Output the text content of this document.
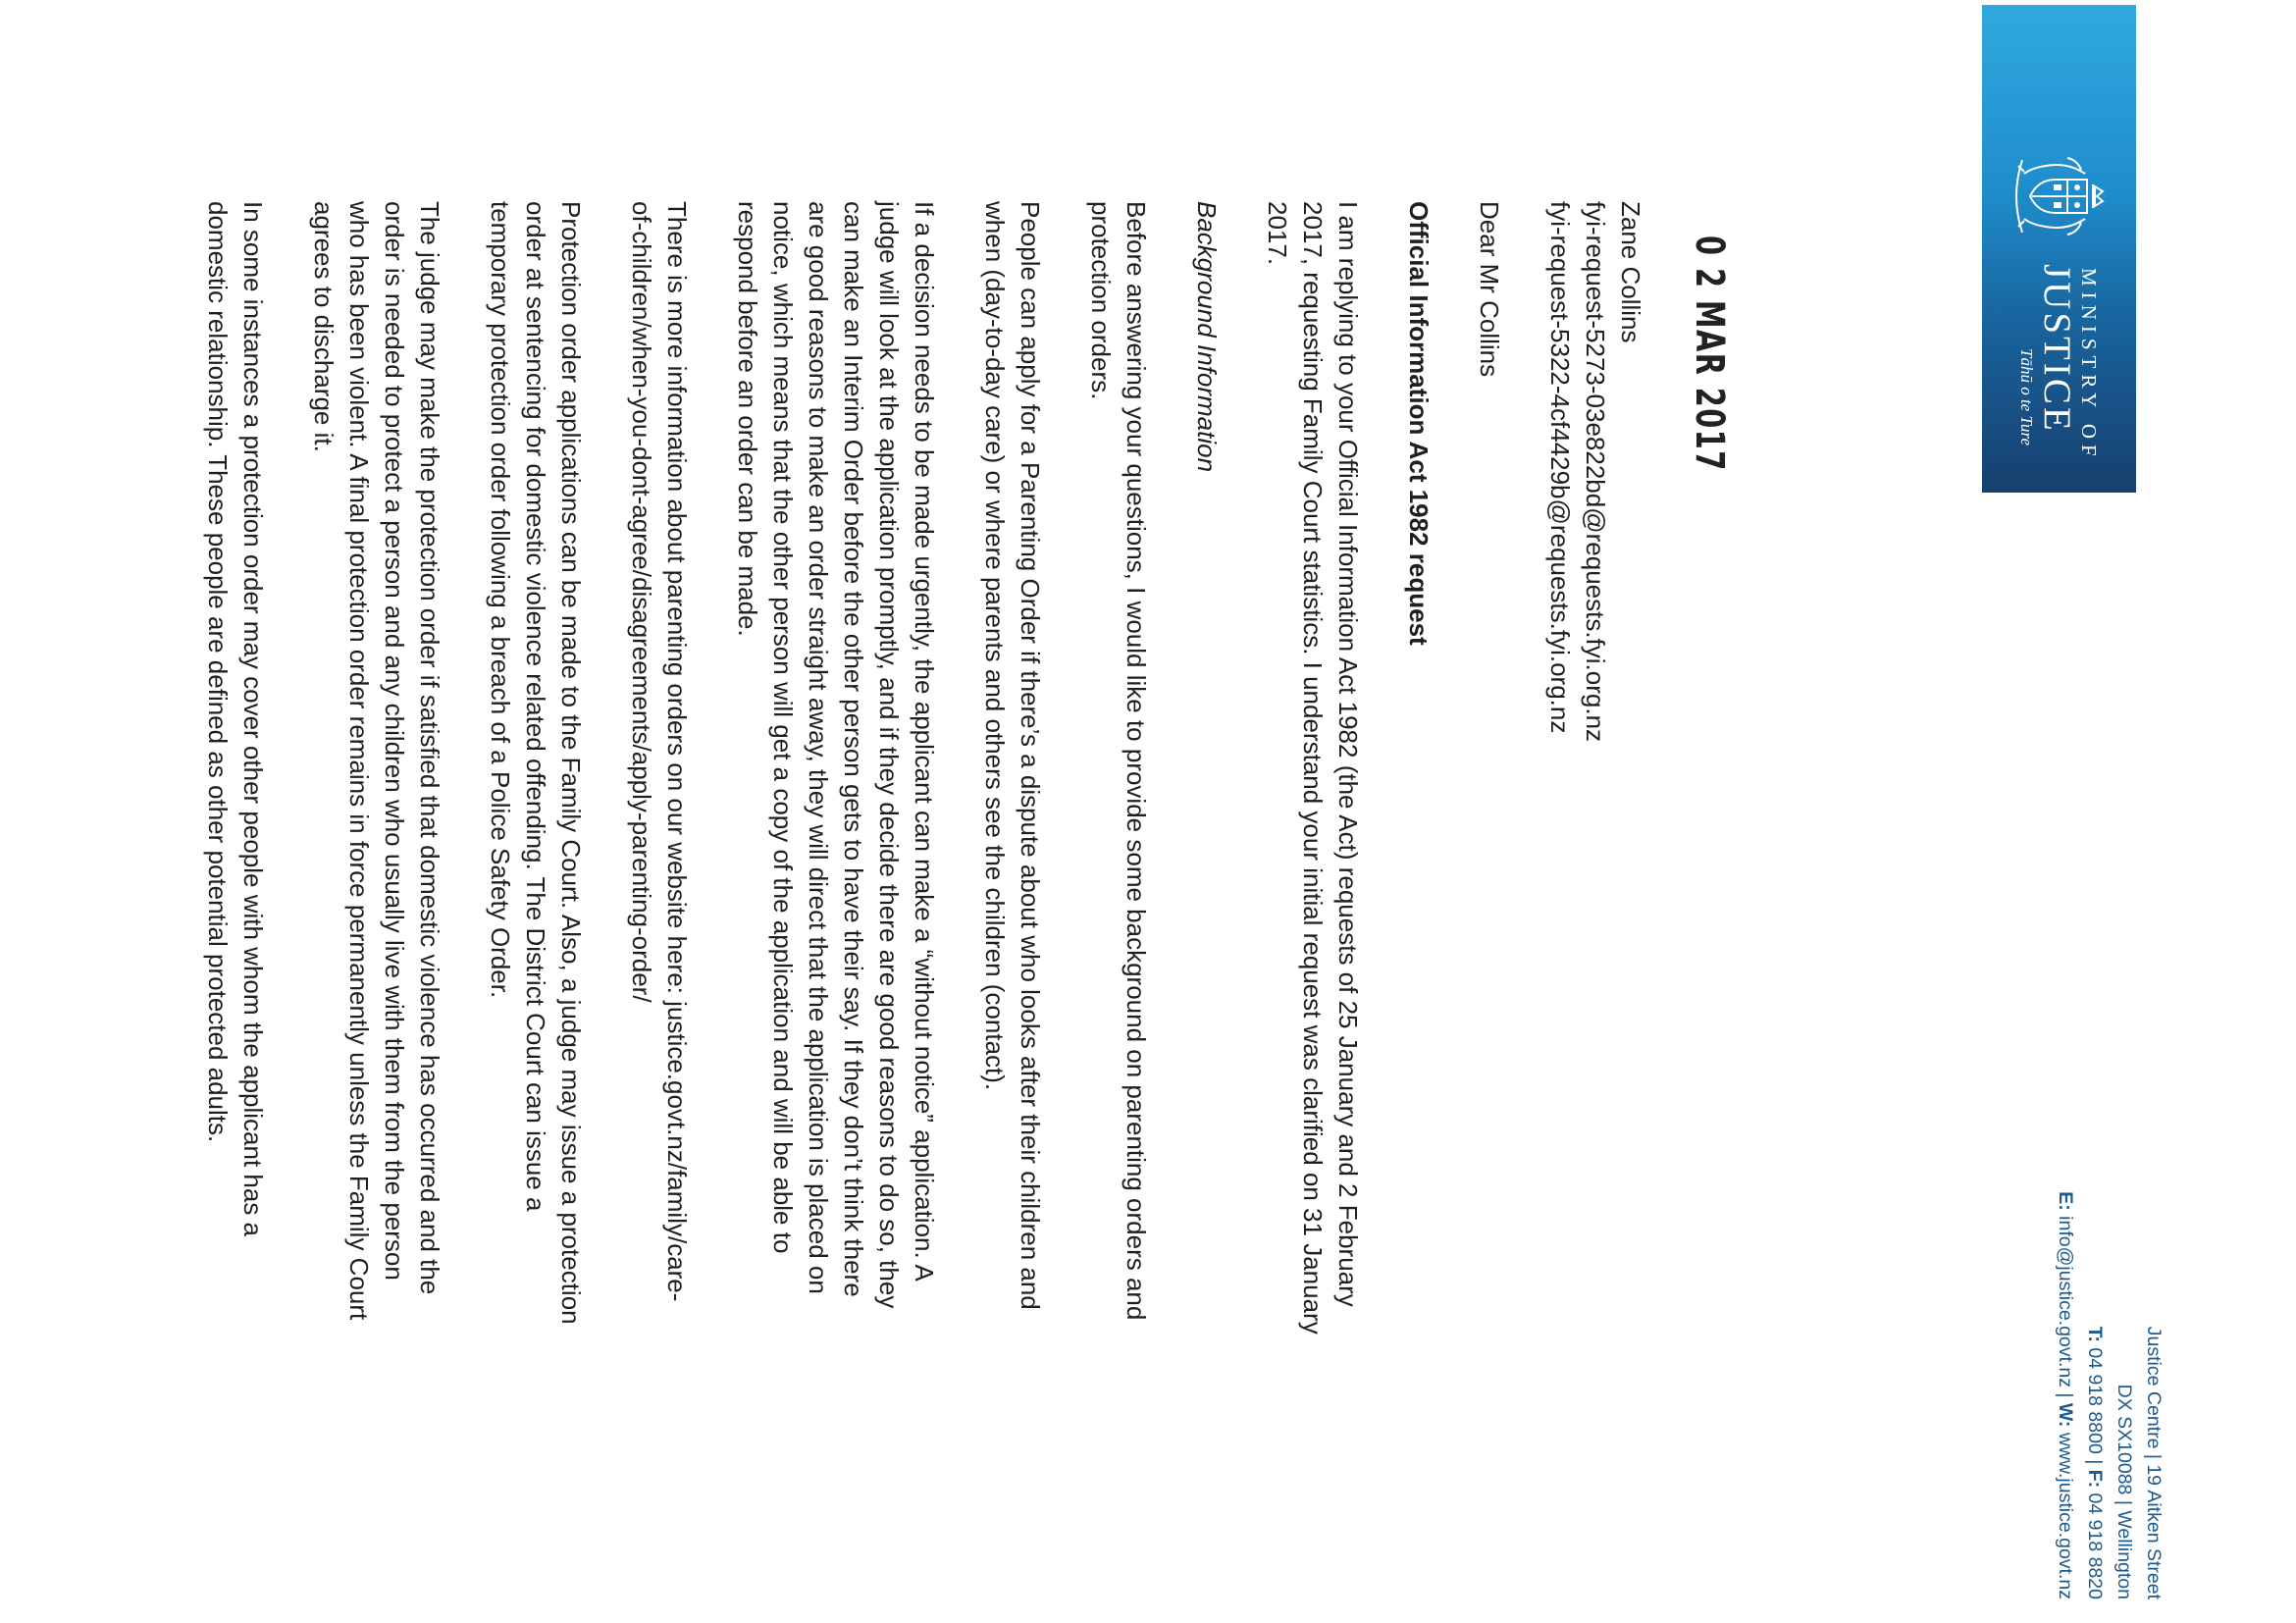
MINISTRY OF
JUSTICE
Tāhū o te Ture
Justice Centre | 19 Aitken Street
DX SX10088 | Wellington
T: 04 918 8800 | F: 04 918 8820
E: info@justice.govt.nz | W: www.justice.govt.nz
0 2 MAR 2017
Zane Collins
fyi-request-5273-03e822bd@requests.fyi.org.nz
fyi-request-5322-4cf4429b@requests.fyi.org.nz
Dear Mr Collins
Official Information Act 1982 request
I am replying to your Official Information Act 1982 (the Act) requests of 25 January and 2 February
2017, requesting Family Court statistics. I understand your initial request was clarified on 31 January
2017.
Background Information
Before answering your questions, I would like to provide some background on parenting orders and
protection orders.
People can apply for a Parenting Order if there’s a dispute about who looks after their children and
when (day-to-day care) or where parents and others see the children (contact).
If a decision needs to be made urgently, the applicant can make a “without notice” application. A
judge will look at the application promptly, and if they decide there are good reasons to do so, they
can make an Interim Order before the other person gets to have their say. If they don’t think there
are good reasons to make an order straight away, they will direct that the application is placed on
notice, which means that the other person will get a copy of the application and will be able to
respond before an order can be made.
There is more information about parenting orders on our website here: justice.govt.nz/family/care-
of-children/when-you-dont-agree/disagreements/apply-parenting-order/
Protection order applications can be made to the Family Court. Also, a judge may issue a protection
order at sentencing for domestic violence related offending. The District Court can issue a
temporary protection order following a breach of a Police Safety Order.
The judge may make the protection order if satisfied that domestic violence has occurred and the
order is needed to protect a person and any children who usually live with them from the person
who has been violent. A final protection order remains in force permanently unless the Family Court
agrees to discharge it.
In some instances a protection order may cover other people with whom the applicant has a
domestic relationship. These people are defined as other potential protected adults.
